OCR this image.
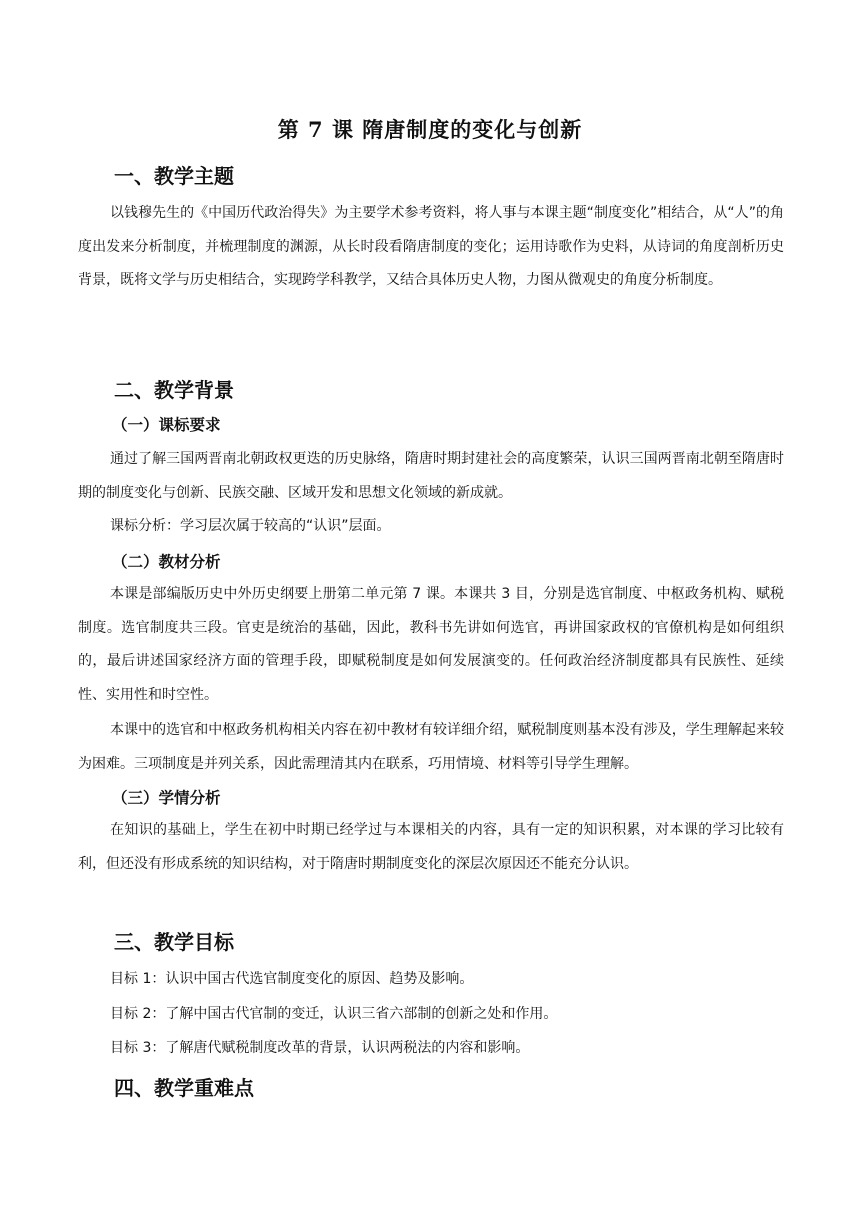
第 7 课 隋唐制度的变化与创新
一、教学主题
以钱穆先生的《中国历代政治得失》为主要学术参考资料，将人事与本课主题“制度变化”相结合，从“人”的角度出发来分析制度，并梳理制度的渊源，从长时段看隋唐制度的变化；运用诗歌作为史料，从诗词的角度剖析历史背景，既将文学与历史相结合，实现跨学科教学，又结合具体历史人物，力图从微观史的角度分析制度。
二、教学背景
（一）课标要求
通过了解三国两晋南北朝政权更迭的历史脉络，隋唐时期封建社会的高度繁荣，认识三国两晋南北朝至隋唐时期的制度变化与创新、民族交融、区域开发和思想文化领域的新成就。
课标分析：学习层次属于较高的“认识”层面。
（二）教材分析
本课是部编版历史中外历史纲要上册第二单元第 7 课。本课共 3 目，分别是选官制度、中枢政务机构、赋税制度。选官制度共三段。官吏是统治的基础，因此，教科书先讲如何选官，再讲国家政权的官僚机构是如何组织的，最后讲述国家经济方面的管理手段，即赋税制度是如何发展演变的。任何政治经济制度都具有民族性、延续性、实用性和时空性。
本课中的选官和中枢政务机构相关内容在初中教材有较详细介绍，赋税制度则基本没有涉及，学生理解起来较为困难。三项制度是并列关系，因此需理清其内在联系，巧用情境、材料等引导学生理解。
（三）学情分析
在知识的基础上，学生在初中时期已经学过与本课相关的内容，具有一定的知识积累，对本课的学习比较有利，但还没有形成系统的知识结构，对于隋唐时期制度变化的深层次原因还不能充分认识。
三、教学目标
目标 1：认识中国古代选官制度变化的原因、趋势及影响。
目标 2：了解中国古代官制的变迁，认识三省六部制的创新之处和作用。
目标 3：了解唐代赋税制度改革的背景，认识两税法的内容和影响。
四、教学重难点
